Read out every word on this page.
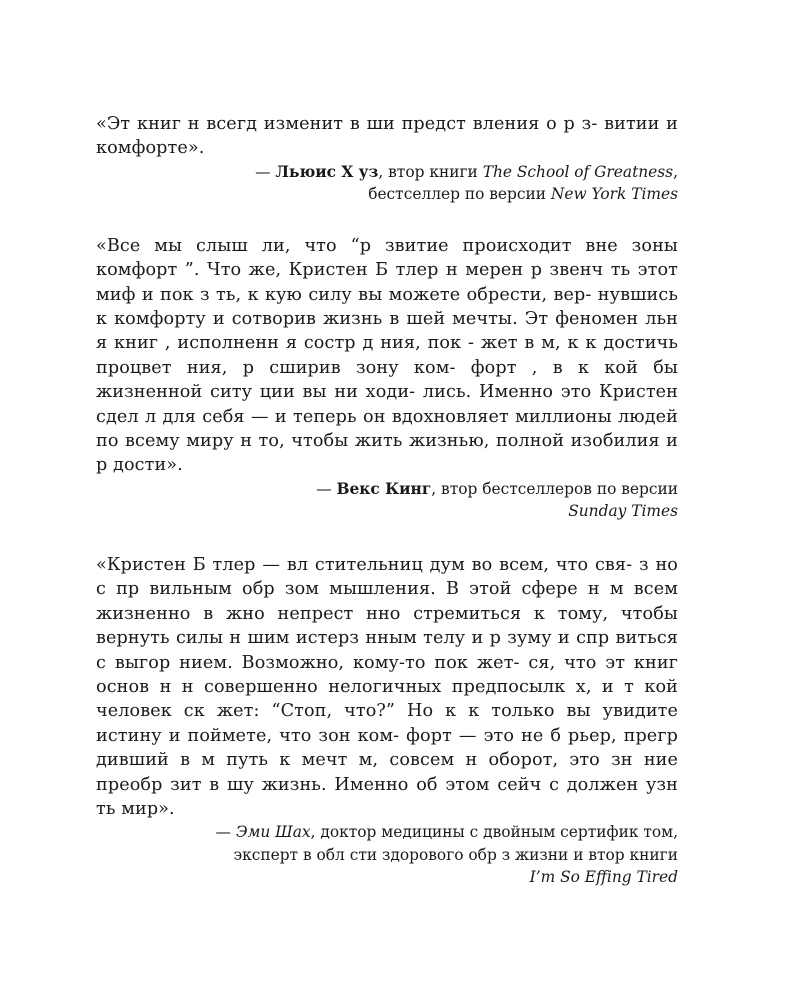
«Эт книг н всегд изменит в ши предст вления о р з- витии и комфорте».

— Льюис Х уз, втор книги The School of Greatness,
бестселлер по версии New York Times

«Все мы слыш ли, что “р звитие происходит вне зоны комфорт ”. Что же, Кристен Б тлер н мерен р звенч ть этот миф и пок з ть, к кую силу вы можете обрести, вер- нувшись к комфорту и сотворив жизнь в шей мечты. Эт феномен льн я книг , исполненн я состр д ния, пок - жет в м, к к достичь процвет ния, р сширив зону ком- форт , в к кой бы жизненной ситу ции вы ни ходи- лись. Именно это Кристен сдел л для себя — и теперь он вдохновляет миллионы людей по всему миру н то, чтобы жить жизнью, полной изобилия и р дости».

— Векс Кинг, втор бестселлеров по версии
Sunday Times

«Кристен Б тлер — вл стительниц дум во всем, что свя- з но с пр вильным обр зом мышления. В этой сфере н м всем жизненно в жно непрест нно стремиться к тому, чтобы вернуть силы н шим истерз нным телу и р зуму и спр виться с выгор нием. Возможно, кому-то пок жет- ся, что эт книг основ н н совершенно нелогичных предпосылк х, и т кой человек ск жет: “Стоп, что?” Но к к только вы увидите истину и поймете, что зон ком- форт — это не б рьер, прегр дивший в м путь к мечт м, совсем н оборот, это зн ние преобр зит в шу жизнь. Именно об этом сейч с должен узн ть мир».

— Эми Шах, доктор медицины с двойным сертифик том,
эксперт в обл сти здорового обр з жизни и втор книги
I’m So Effing Tired
